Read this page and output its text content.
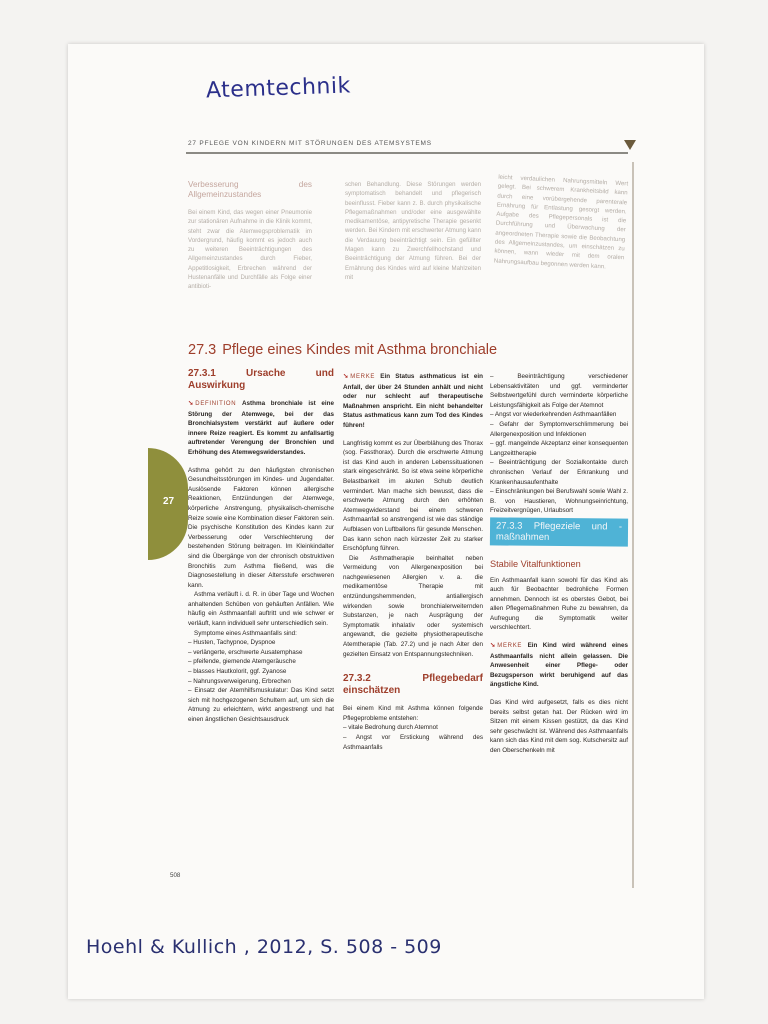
Atemtechnik
27
27 PFLEGE VON KINDERN MIT STÖRUNGEN DES ATEMSYSTEMS
Verbesserung des Allgemeinzustandes

Bei einem Kind, das wegen einer Pneumonie zur stationären Aufnahme in die Klinik kommt, steht zwar die Atemwegsproblematik im Vordergrund, häufig kommt es jedoch auch zu weiteren Beeinträchtigungen des Allgemeinzustandes durch Fieber, Appetitlosigkeit, Erbrechen während der Hustenanfälle und Durchfälle als Folge einer antibioti-

schen Behandlung. Diese Störungen werden symptomatisch behandelt und pflegerisch beeinflusst. Fieber kann z. B. durch physikalische Pflegemaßnahmen und/oder eine ausgewählte medikamentöse, antipyretische Therapie gesenkt werden. Bei Kindern mit erschwerter Atmung kann die Verdauung beeinträchtigt sein. Ein gefüllter Magen kann zu Zwerchfellhochstand und Beeinträchtigung der Atmung führen. Bei der Ernährung des Kindes wird auf kleine Mahlzeiten mit

leicht verdaulichen Nahrungsmitteln Wert gelegt. Bei schwerem Krankheitsbild kann durch eine vorübergehende parenterale Ernährung für Entlastung gesorgt werden. Aufgabe des Pflegepersonals ist die Durchführung und Überwachung der angeordneten Therapie sowie die Beobachtung des Allgemeinzustandes, um einschätzen zu können, wann wieder mit dem oralen Nahrungsaufbau begonnen werden kann.

27.3 Pflege eines Kindes mit Asthma bronchiale
27.3.1	Ursache und Auswirkung

➘ DEFINITION Asthma bronchiale ist eine Störung der Atemwege, bei der das Bronchialsystem verstärkt auf äußere oder innere Reize reagiert. Es kommt zu anfallsartig auftretender Verengung der Bronchien und Erhöhung des Atemwegswiderstandes.

Asthma gehört zu den häufigsten chronischen Gesundheitsstörungen im Kindes- und Jugendalter. Auslösende Faktoren können allergische Reaktionen, Entzündungen der Atemwege, körperliche Anstrengung, physikalisch-chemische Reize sowie eine Kombination dieser Faktoren sein. Die psychische Konstitution des Kindes kann zur Verbesserung oder Verschlechterung der bestehenden Störung beitragen. Im Kleinkindalter sind die Übergänge von der chronisch obstruktiven Bronchitis zum Asthma fließend, was die Diagnosestellung in dieser Altersstufe erschweren kann.

Asthma verläuft i. d. R. in über Tage und Wochen anhaltenden Schüben von gehäuften Anfällen. Wie häufig ein Asthmaanfall auftritt und wie schwer er verläuft, kann individuell sehr unterschiedlich sein.

Symptome eines Asthmaanfalls sind:

– Husten, Tachypnoe, Dyspnoe
– verlängerte, erschwerte Ausatemphase
– pfeifende, giemende Atemgeräusche
– blasses Hautkolorit, ggf. Zyanose
– Nahrungsverweigerung, Erbrechen
– Einsatz der Atemhilfsmuskulatur: Das Kind setzt sich mit hochgezogenen Schultern auf, um sich die Atmung zu erleichtern, wirkt angestrengt und hat einen ängstlichen Gesichtsausdruck

➘ MERKE Ein Status asthmaticus ist ein Anfall, der über 24 Stunden anhält und nicht oder nur schlecht auf therapeutische Maßnahmen anspricht. Ein nicht behandelter Status asthmaticus kann zum Tod des Kindes führen!

Langfristig kommt es zur Überblähung des Thorax (sog. Fassthorax). Durch die erschwerte Atmung ist das Kind auch in anderen Lebenssituationen stark eingeschränkt. So ist etwa seine körperliche Belastbarkeit im akuten Schub deutlich vermindert. Man mache sich bewusst, dass die erschwerte Atmung durch den erhöhten Atemwegwiderstand bei einem schweren Asthmaanfall so anstrengend ist wie das ständige Aufblasen von Luftballons für gesunde Menschen. Das kann schon nach kürzester Zeit zu starker Erschöpfung führen.

Die Asthmatherapie beinhaltet neben Vermeidung von Allergenexposition bei nachgewiesenen Allergien v. a. die medikamentöse Therapie mit entzündungshemmenden, antiallergisch wirkenden sowie bronchialerweiternden Substanzen, je nach Ausprägung der Symptomatik inhalativ oder systemisch angewandt, die gezielte physiotherapeutische Atemtherapie (Tab. 27.2) und je nach Alter den gezielten Einsatz von Entspannungstechniken.

27.3.2	Pflegebedarf einschätzen

Bei einem Kind mit Asthma können folgende Pflegeprobleme entstehen:

– vitale Bedrohung durch Atemnot
– Angst vor Erstickung während des Asthmaanfalls
– Beeinträchtigung verschiedener Lebensaktivitäten und ggf. verminderter Selbstwertgefühl durch verminderte körperliche Leistungsfähigkeit als Folge der Atemnot
– Angst vor wiederkehrenden Asthmaanfällen
– Gefahr der Symptomverschlimmerung bei Allergenexposition und Infektionen
– ggf. mangelnde Akzeptanz einer konsequenten Langzeittherapie
– Beeinträchtigung der Sozialkontakte durch chronischen Verlauf der Erkrankung und Krankenhausaufenthalte
– Einschränkungen bei Berufswahl sowie Wahl z. B. von Haustieren, Wohnungseinrichtung, Freizeitvergnügen, Urlaubsort
27.3.3 Pflegeziele und -maßnahmen
Stabile Vitalfunktionen

Ein Asthmaanfall kann sowohl für das Kind als auch für Beobachter bedrohliche Formen annehmen. Dennoch ist es oberstes Gebot, bei allen Pflegemaßnahmen Ruhe zu bewahren, da Aufregung die Symptomatik weiter verschlechtert.

➘ MERKE Ein Kind wird während eines Asthmaanfalls nicht allein gelassen. Die Anwesenheit einer Pflege- oder Bezugsperson wirkt beruhigend auf das ängstliche Kind.

Das Kind wird aufgesetzt, falls es dies nicht bereits selbst getan hat. Der Rücken wird im Sitzen mit einem Kissen gestützt, da das Kind sehr geschwächt ist. Während des Asthmaanfalls kann sich das Kind mit dem sog. Kutschersitz auf den Oberschenkeln mit

508
Hoehl & Kullich , 2012, S. 508 - 509
